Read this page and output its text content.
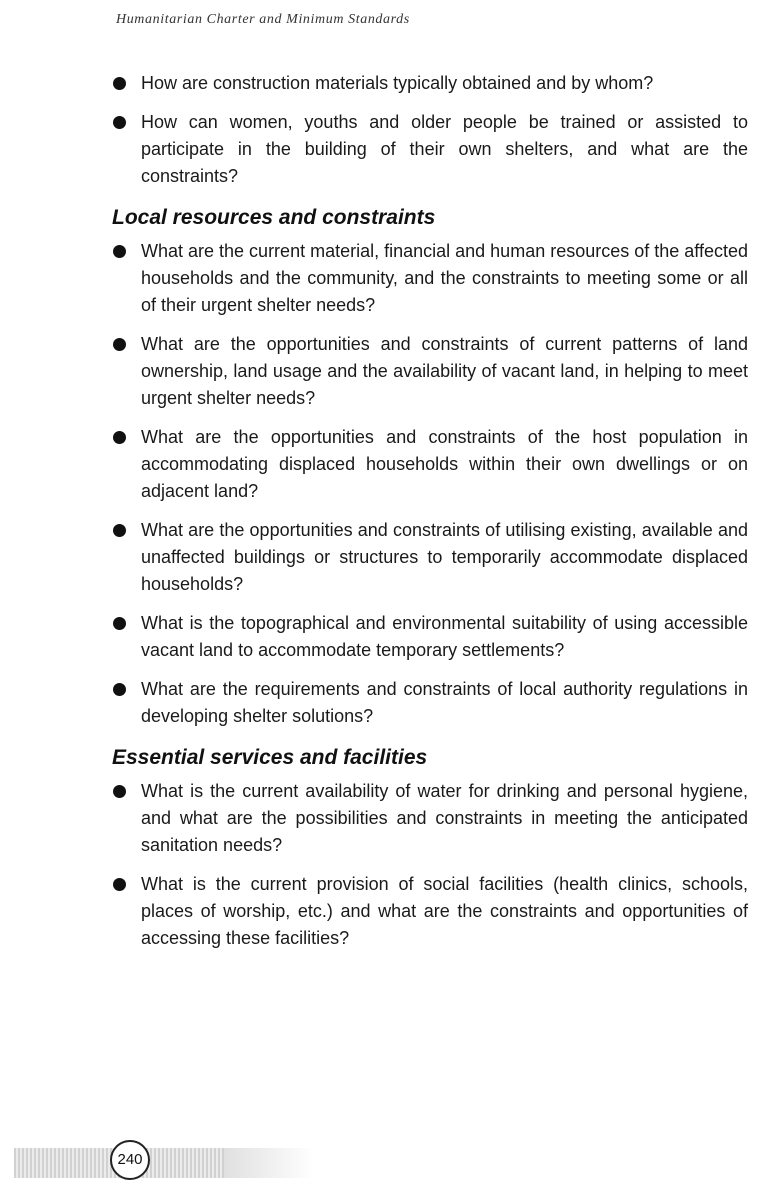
Humanitarian Charter and Minimum Standards
How are construction materials typically obtained and by whom?
How can women, youths and older people be trained or assisted to participate in the building of their own shelters, and what are the constraints?
Local resources and constraints
What are the current material, financial and human resources of the affected households and the community, and the constraints to meeting some or all of their urgent shelter needs?
What are the opportunities and constraints of current patterns of land ownership, land usage and the availability of vacant land, in helping to meet urgent shelter needs?
What are the opportunities and constraints of the host population in accommodating displaced households within their own dwellings or on adjacent land?
What are the opportunities and constraints of utilising existing, available and unaffected buildings or structures to temporarily accommodate displaced households?
What is the topographical and environmental suitability of using accessible vacant land to accommodate temporary settlements?
What are the requirements and constraints of local authority regulations in developing shelter solutions?
Essential services and facilities
What is the current availability of water for drinking and personal hygiene, and what are the possibilities and constraints in meeting the anticipated sanitation needs?
What is the current provision of social facilities (health clinics, schools, places of worship, etc.) and what are the constraints and opportunities of accessing these facilities?
240
